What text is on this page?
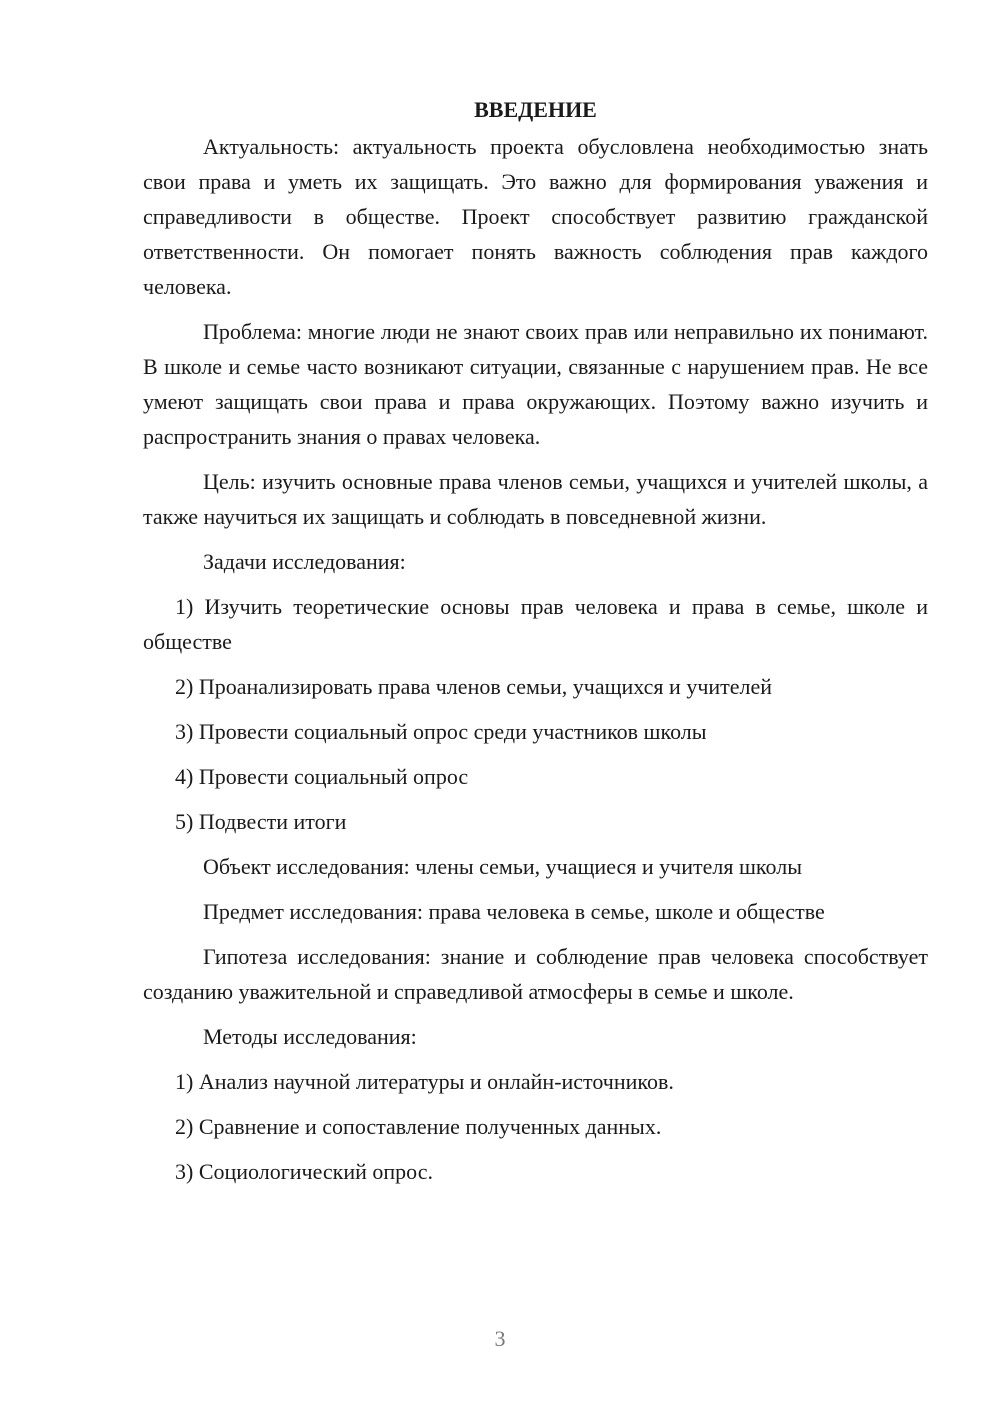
ВВЕДЕНИЕ

Актуальность: актуальность проекта обусловлена необходимостью знать свои права и уметь их защищать. Это важно для формирования уважения и справедливости в обществе. Проект способствует развитию гражданской ответственности. Он помогает понять важность соблюдения прав каждого человека.

Проблема: многие люди не знают своих прав или неправильно их понимают. В школе и семье часто возникают ситуации, связанные с нарушением прав. Не все умеют защищать свои права и права окружающих. Поэтому важно изучить и распространить знания о правах человека.

Цель: изучить основные права членов семьи, учащихся и учителей школы, а также научиться их защищать и соблюдать в повседневной жизни.

Задачи исследования:

1) Изучить теоретические основы прав человека и права в семье, школе и обществе

2) Проанализировать права членов семьи, учащихся и учителей

3) Провести социальный опрос среди участников школы

4) Провести социальный опрос

5) Подвести итоги

Объект исследования: члены семьи, учащиеся и учителя школы

Предмет исследования: права человека в семье, школе и обществе

Гипотеза исследования: знание и соблюдение прав человека способствует созданию уважительной и справедливой атмосферы в семье и школе.

Методы исследования:

1) Анализ научной литературы и онлайн-источников.

2) Сравнение и сопоставление полученных данных.

3) Социологический опрос.

3
